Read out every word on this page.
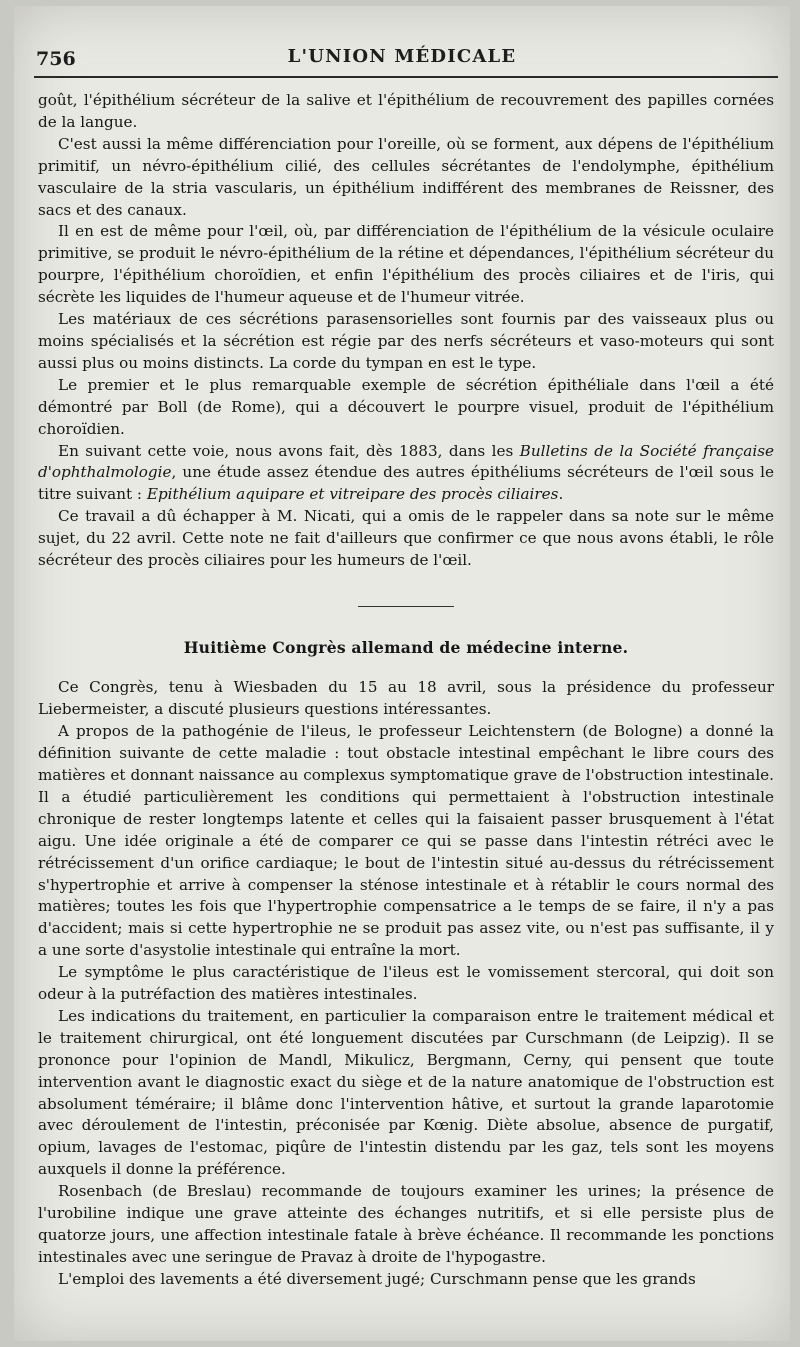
756	L'UNION MÉDICALE

goût, l'épithélium sécréteur de la salive et l'épithélium de recouvrement des papilles cornées de la langue.

C'est aussi la même différenciation pour l'oreille, où se forment, aux dépens de l'épithélium primitif, un névro-épithélium cilié, des cellules sécrétantes de l'endolymphe, épithélium vasculaire de la stria vascularis, un épithélium indifférent des membranes de Reissner, des sacs et des canaux.

Il en est de même pour l'œil, où, par différenciation de l'épithélium de la vésicule oculaire primitive, se produit le névro-épithélium de la rétine et dépendances, l'épithélium sécréteur du pourpre, l'épithélium choroïdien, et enfin l'épithélium des procès ciliaires et de l'iris, qui sécrète les liquides de l'humeur aqueuse et de l'humeur vitrée.

Les matériaux de ces sécrétions parasensorielles sont fournis par des vaisseaux plus ou moins spécialisés et la sécrétion est régie par des nerfs sécréteurs et vaso-moteurs qui sont aussi plus ou moins distincts. La corde du tympan en est le type.

Le premier et le plus remarquable exemple de sécrétion épithéliale dans l'œil a été démontré par Boll (de Rome), qui a découvert le pourpre visuel, produit de l'épithélium choroïdien.

En suivant cette voie, nous avons fait, dès 1883, dans les Bulletins de la Société française d'ophthalmologie, une étude assez étendue des autres épithéliums sécréteurs de l'œil sous le titre suivant : Epithélium aquipare et vitreipare des procès ciliaires.

Ce travail a dû échapper à M. Nicati, qui a omis de le rappeler dans sa note sur le même sujet, du 22 avril. Cette note ne fait d'ailleurs que confirmer ce que nous avons établi, le rôle sécréteur des procès ciliaires pour les humeurs de l'œil.

Huitième Congrès allemand de médecine interne.

Ce Congrès, tenu à Wiesbaden du 15 au 18 avril, sous la présidence du professeur Liebermeister, a discuté plusieurs questions intéressantes.

A propos de la pathogénie de l'ileus, le professeur Leichtenstern (de Bologne) a donné la définition suivante de cette maladie : tout obstacle intestinal empêchant le libre cours des matières et donnant naissance au complexus symptomatique grave de l'obstruction intestinale. Il a étudié particulièrement les conditions qui permettaient à l'obstruction intestinale chronique de rester longtemps latente et celles qui la faisaient passer brusquement à l'état aigu. Une idée originale a été de comparer ce qui se passe dans l'intestin rétréci avec le rétrécissement d'un orifice cardiaque; le bout de l'intestin situé au-dessus du rétrécissement s'hypertrophie et arrive à compenser la sténose intestinale et à rétablir le cours normal des matières; toutes les fois que l'hypertrophie compensatrice a le temps de se faire, il n'y a pas d'accident; mais si cette hypertrophie ne se produit pas assez vite, ou n'est pas suffisante, il y a une sorte d'asystolie intestinale qui entraîne la mort.

Le symptôme le plus caractéristique de l'ileus est le vomissement stercoral, qui doit son odeur à la putréfaction des matières intestinales.

Les indications du traitement, en particulier la comparaison entre le traitement médical et le traitement chirurgical, ont été longuement discutées par Curschmann (de Leipzig). Il se prononce pour l'opinion de Mandl, Mikulicz, Bergmann, Cerny, qui pensent que toute intervention avant le diagnostic exact du siège et de la nature anatomique de l'obstruction est absolument téméraire; il blâme donc l'intervention hâtive, et surtout la grande laparotomie avec déroulement de l'intestin, préconisée par Kœnig. Diète absolue, absence de purgatif, opium, lavages de l'estomac, piqûre de l'intestin distendu par les gaz, tels sont les moyens auxquels il donne la préférence.

Rosenbach (de Breslau) recommande de toujours examiner les urines; la présence de l'urobiline indique une grave atteinte des échanges nutritifs, et si elle persiste plus de quatorze jours, une affection intestinale fatale à brève échéance. Il recommande les ponctions intestinales avec une seringue de Pravaz à droite de l'hypogastre.

L'emploi des lavements a été diversement jugé; Curschmann pense que les grands
